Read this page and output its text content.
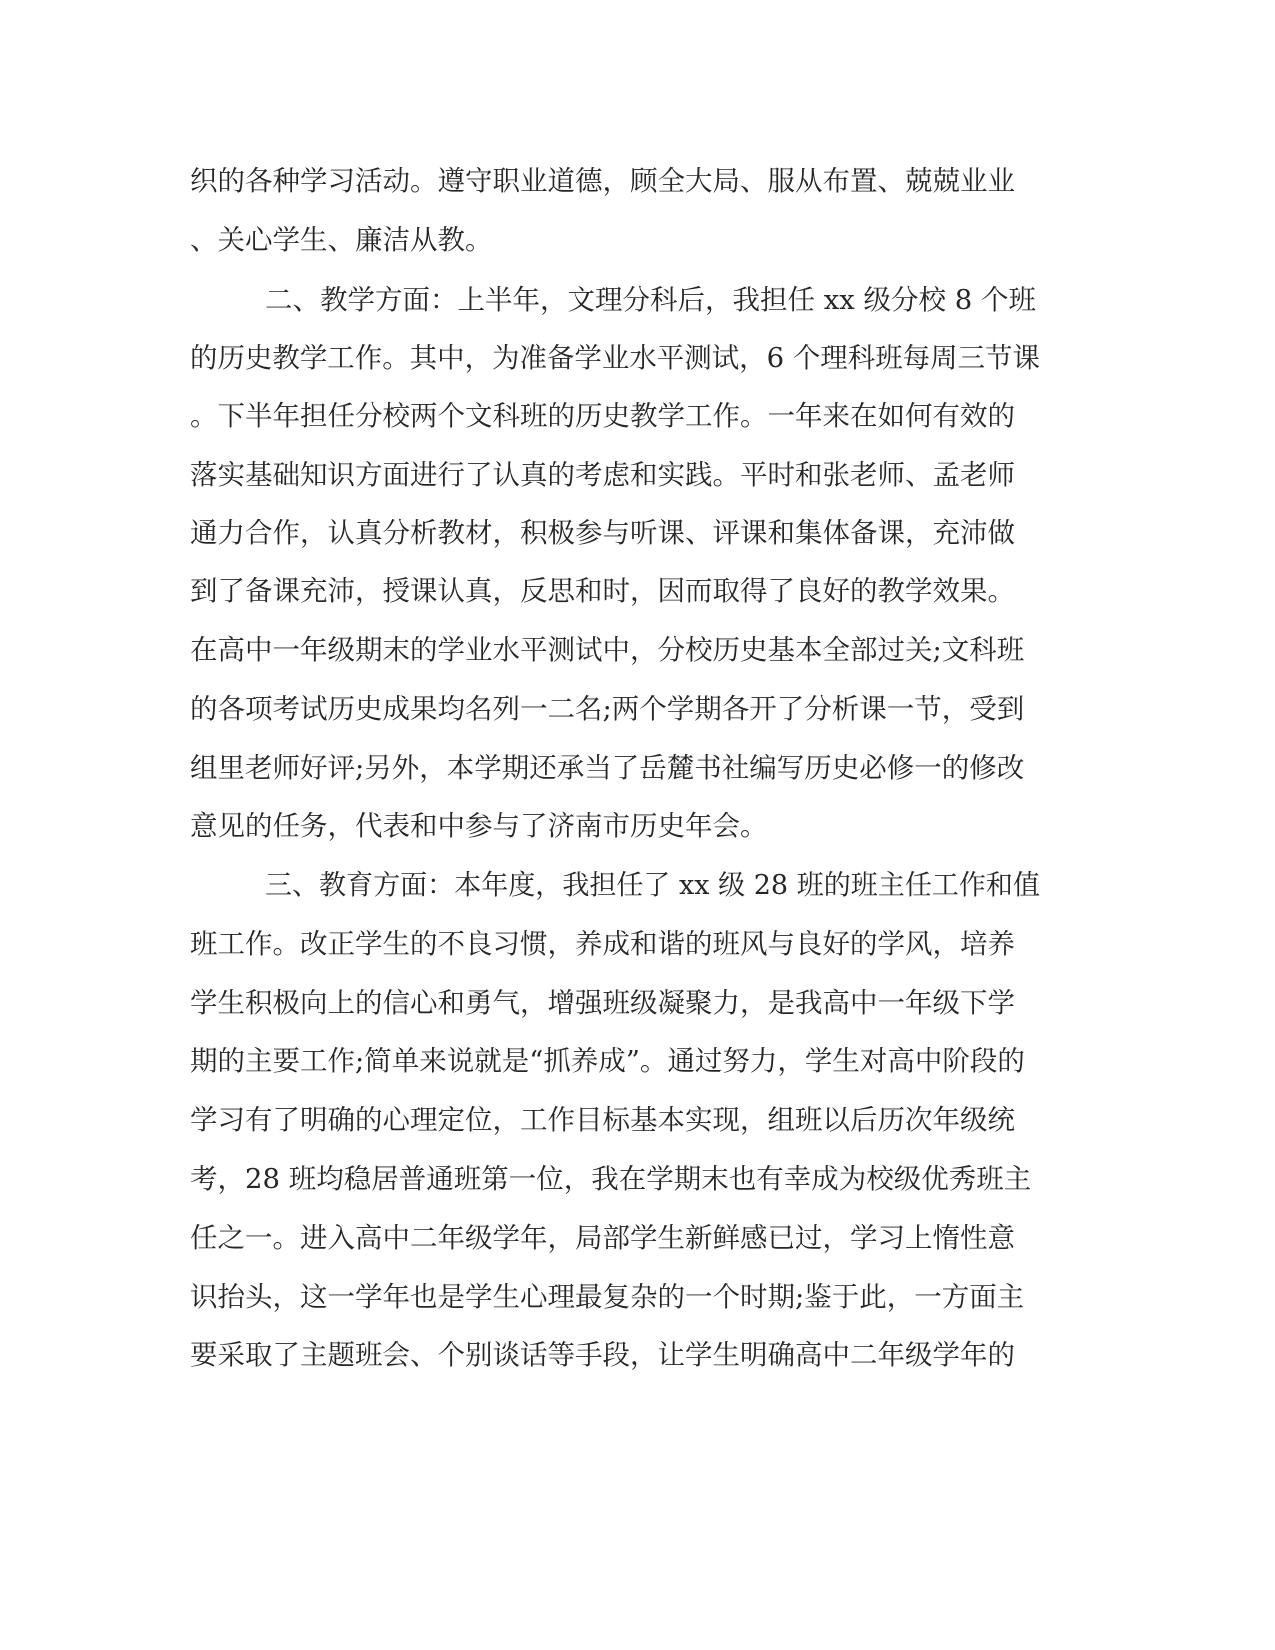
织的各种学习活动。遵守职业道德，顾全大局、服从布置、兢兢业业

、关心学生、廉洁从教。

二、教学方面：上半年，文理分科后，我担任 xx 级分校 8 个班

的历史教学工作。其中，为准备学业水平测试，6 个理科班每周三节课

。下半年担任分校两个文科班的历史教学工作。一年来在如何有效的

落实基础知识方面进行了认真的考虑和实践。平时和张老师、孟老师

通力合作，认真分析教材，积极参与听课、评课和集体备课，充沛做

到了备课充沛，授课认真，反思和时，因而取得了良好的教学效果。

在高中一年级期末的学业水平测试中，分校历史基本全部过关;文科班

的各项考试历史成果均名列一二名;两个学期各开了分析课一节，受到

组里老师好评;另外，本学期还承当了岳麓书社编写历史必修一的修改

意见的任务，代表和中参与了济南市历史年会。

三、教育方面：本年度，我担任了 xx 级 28 班的班主任工作和值

班工作。改正学生的不良习惯，养成和谐的班风与良好的学风，培养

学生积极向上的信心和勇气，增强班级凝聚力，是我高中一年级下学

期的主要工作;简单来说就是“抓养成”。通过努力，学生对高中阶段的

学习有了明确的心理定位，工作目标基本实现，组班以后历次年级统

考，28 班均稳居普通班第一位，我在学期末也有幸成为校级优秀班主

任之一。进入高中二年级学年，局部学生新鲜感已过，学习上惰性意

识抬头，这一学年也是学生心理最复杂的一个时期;鉴于此，一方面主

要采取了主题班会、个别谈话等手段，让学生明确高中二年级学年的
